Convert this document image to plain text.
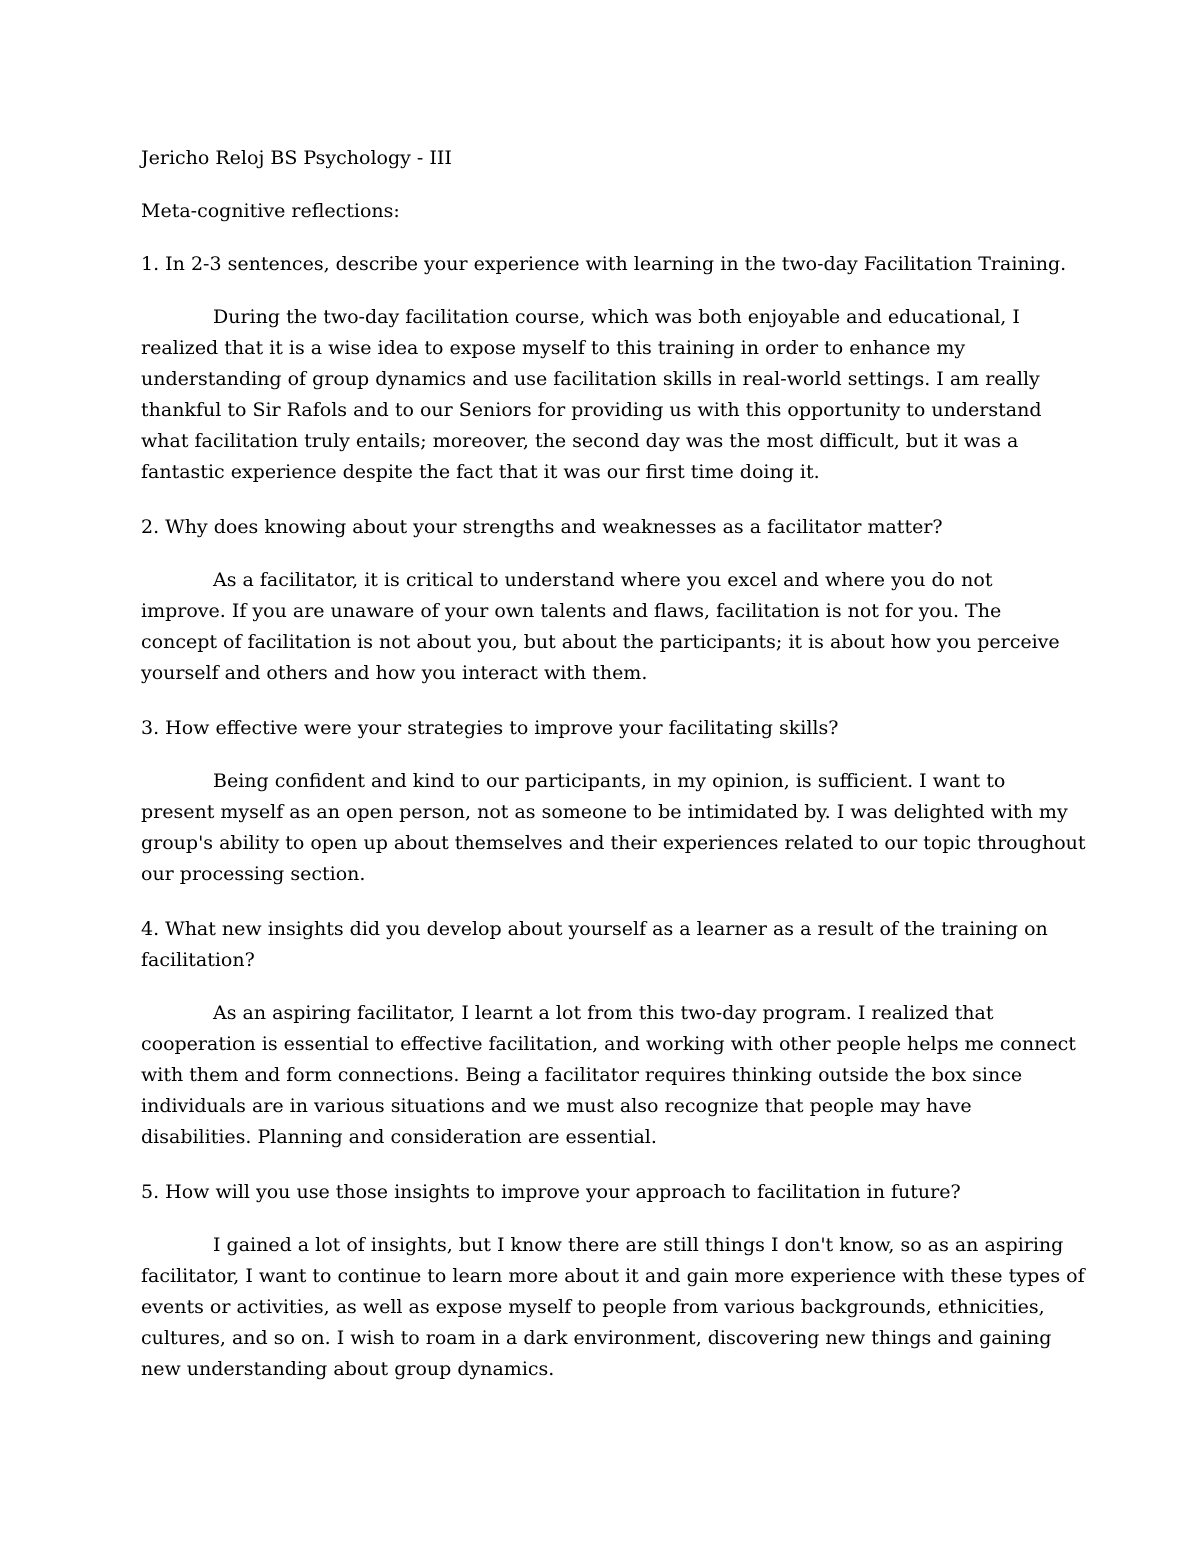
Jericho Reloj BS Psychology - III
Meta-cognitive reflections:
1. In 2-3 sentences, describe your experience with learning in the two-day Facilitation Training.
During the two-day facilitation course, which was both enjoyable and educational, I
realized that it is a wise idea to expose myself to this training in order to enhance my
understanding of group dynamics and use facilitation skills in real-world settings. I am really
thankful to Sir Rafols and to our Seniors for providing us with this opportunity to understand
what facilitation truly entails; moreover, the second day was the most difficult, but it was a
fantastic experience despite the fact that it was our first time doing it.
2. Why does knowing about your strengths and weaknesses as a facilitator matter?
As a facilitator, it is critical to understand where you excel and where you do not
improve. If you are unaware of your own talents and flaws, facilitation is not for you. The
concept of facilitation is not about you, but about the participants; it is about how you perceive
yourself and others and how you interact with them.
3. How effective were your strategies to improve your facilitating skills?
Being confident and kind to our participants, in my opinion, is sufficient. I want to
present myself as an open person, not as someone to be intimidated by. I was delighted with my
group's ability to open up about themselves and their experiences related to our topic throughout
our processing section.
4. What new insights did you develop about yourself as a learner as a result of the training on
facilitation?
As an aspiring facilitator, I learnt a lot from this two-day program. I realized that
cooperation is essential to effective facilitation, and working with other people helps me connect
with them and form connections. Being a facilitator requires thinking outside the box since
individuals are in various situations and we must also recognize that people may have
disabilities. Planning and consideration are essential.
5. How will you use those insights to improve your approach to facilitation in future?
I gained a lot of insights, but I know there are still things I don't know, so as an aspiring
facilitator, I want to continue to learn more about it and gain more experience with these types of
events or activities, as well as expose myself to people from various backgrounds, ethnicities,
cultures, and so on. I wish to roam in a dark environment, discovering new things and gaining
new understanding about group dynamics.
